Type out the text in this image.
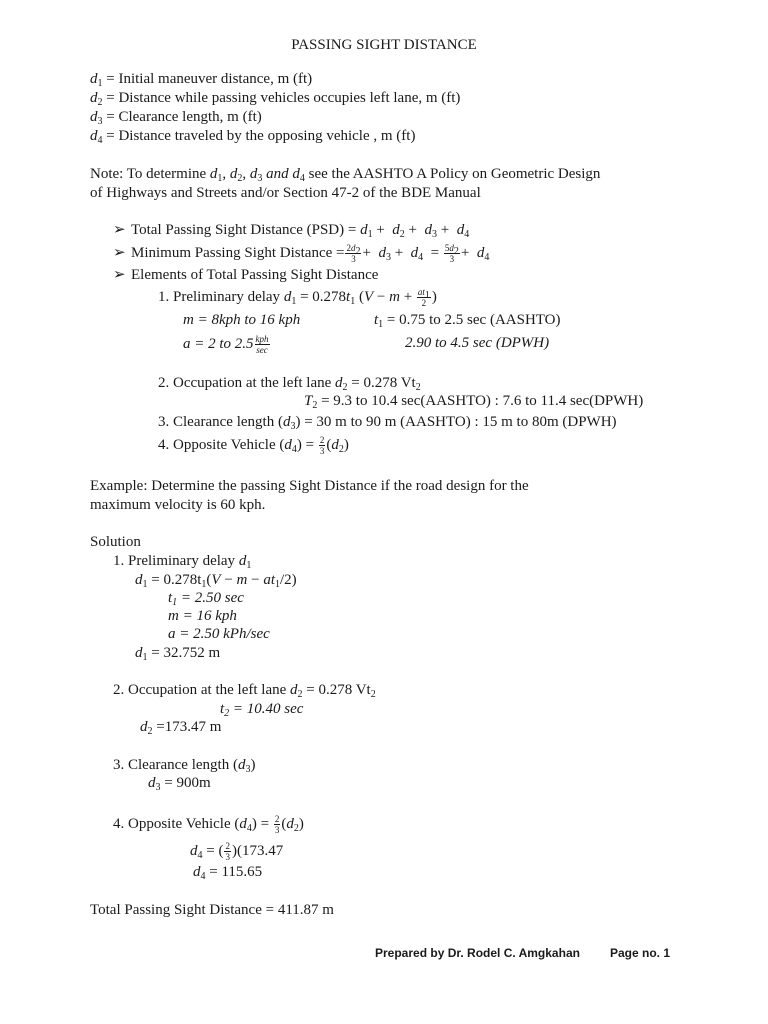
PASSING SIGHT DISTANCE
$d_1$ = Initial maneuver distance, m (ft)
$d_2$ = Distance while passing vehicles occupies left lane, m (ft)
$d_3$ = Clearance length, m (ft)
$d_4$ = Distance traveled by the opposing vehicle , m (ft)
Note: To determine $d_1$, $d_2$, $d_3$ and $d_4$ see the AASHTO A Policy on Geometric Design
of Highways and Streets and/or Section 47-2 of the BDE Manual
➢ Total Passing Sight Distance $(PSD) = d_1 + d_2 + d_3 + d_4$
➢ Minimum Passing Sight Distance = $\frac{2d_2}{3} + d_3 + d_4 = \frac{5d_2}{3} + d_4$
➢ Elements of Total Passing Sight Distance
1. Preliminary delay $d_1 = 0.278t_1$ ($V - m + \frac{at_1}{2}$ )
m = 8kph to 16 kph	$t_1 = 0.75$ to 2.5 sec (AASHTO)
a = 2 to $2.5 \frac{\text{kph}}{\sec}$	2.90 to 4.5 sec (DPWH)
2. Occupation at the left lane $d_2 = 0.278$ $Vt_2$
$T_2 = 9.3$ to 10.4 sec(AASHTO) : 7.6 to 11.4 sec(DPWH)
3. Clearance length $(d_3) = 30$ m to 90 m (AASHTO) : 15 m to 80m (DPWH)
4. Opposite Vehicle $(d_4) = \frac{2}{3} (d_2)$
Example: Determine the passing Sight Distance if the road design for the
maximum velocity is 60 kph.
Solution
1. Preliminary delay $d_1$
$d_1 = 0.278t_1(V - m - at_1/2)$
$t_1 = 2.50$ sec
m = 16 kph
a = 2.50 kPh/sec
$d_1 = 32.752$ m
2. Occupation at the left lane $d_2 = 0.278$ $Vt_2$
$t_2 = 10.40$ sec
$d_2 =173.47$ m
3. Clearance length $(d_3)$
$d_3 = 900m$
4. Opposite Vehicle $(d_4) = \frac{2}{3} (d_2)$
$d_4$ = ( $\frac{2}{3} )(173.47$
$d_4 = 115.65$
Total Passing Sight Distance = 411.87 m
Prepared by Dr. Rodel C. Amgkahan	Page no. 1
